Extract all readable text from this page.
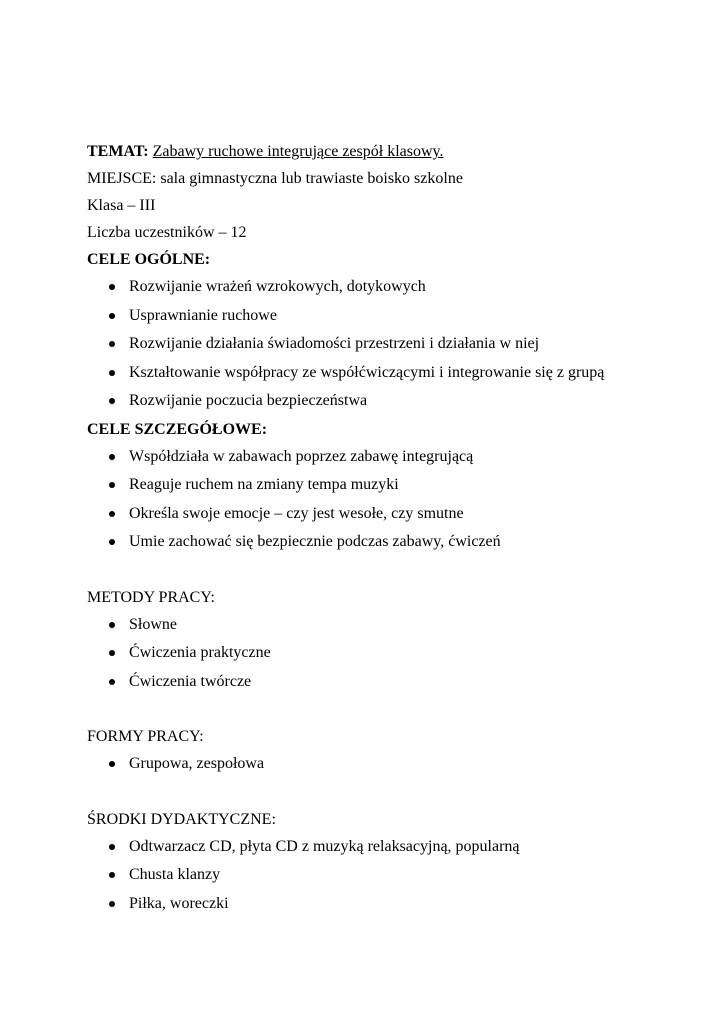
TEMAT: Zabawy ruchowe integrujące zespół klasowy.
MIEJSCE: sala gimnastyczna lub trawiaste boisko szkolne
Klasa – III
Liczba uczestników – 12
CELE OGÓLNE:
Rozwijanie wrażeń wzrokowych, dotykowych
Usprawnianie ruchowe
Rozwijanie działania świadomości przestrzeni i działania w niej
Kształtowanie współpracy ze współćwiczącymi i integrowanie się z grupą
Rozwijanie poczucia bezpieczeństwa
CELE SZCZEGÓŁOWE:
Współdziała w zabawach poprzez zabawę integrującą
Reaguje ruchem na zmiany tempa muzyki
Określa swoje emocje – czy jest wesołe, czy smutne
Umie zachować się bezpiecznie podczas zabawy, ćwiczeń
METODY PRACY:
Słowne
Ćwiczenia praktyczne
Ćwiczenia twórcze
FORMY PRACY:
Grupowa, zespołowa
ŚRODKI DYDAKTYCZNE:
Odtwarzacz CD, płyta CD z muzyką relaksacyjną, popularną
Chusta klanzy
Piłka, woreczki
